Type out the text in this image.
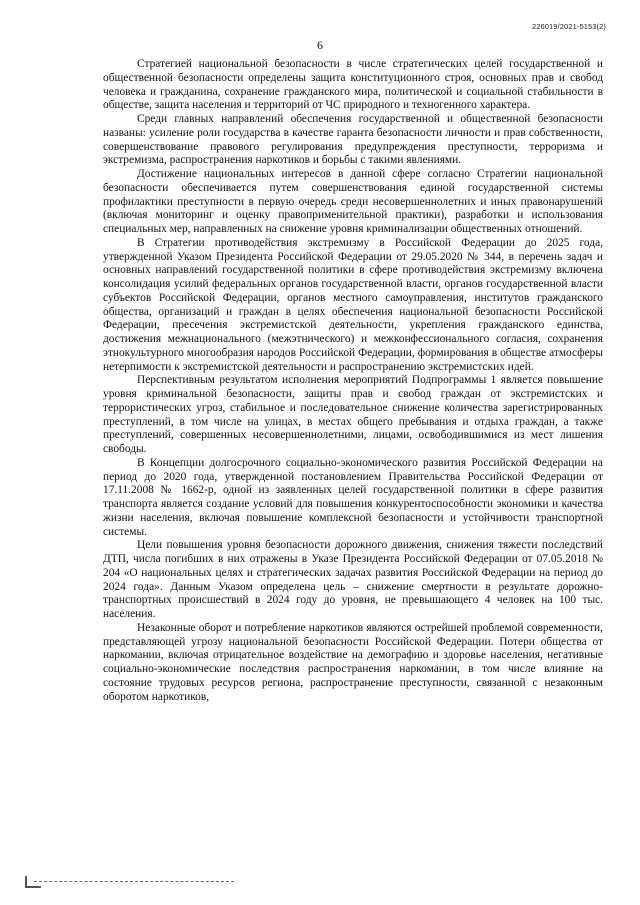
226019/2021-5153(2)
6

Стратегией национальной безопасности в числе стратегических целей государственной и общественной безопасности определены защита конституционного строя, основных прав и свобод человека и гражданина, сохранение гражданского мира, политической и социальной стабильности в обществе, защита населения и территорий от ЧС природного и техногенного характера.

Среди главных направлений обеспечения государственной и общественной безопасности названы: усиление роли государства в качестве гаранта безопасности личности и прав собственности, совершенствование правового регулирования предупреждения преступности, терроризма и экстремизма, распространения наркотиков и борьбы с такими явлениями.

Достижение национальных интересов в данной сфере согласно Стратегии национальной безопасности обеспечивается путем совершенствования единой государственной системы профилактики преступности в первую очередь среди несовершеннолетних и иных правонарушений (включая мониторинг и оценку правоприменительной практики), разработки и использования специальных мер, направленных на снижение уровня криминализации общественных отношений.

В Стратегии противодействия экстремизму в Российской Федерации до 2025 года, утвержденной Указом Президента Российской Федерации от 29.05.2020 № 344, в перечень задач и основных направлений государственной политики в сфере противодействия экстремизму включена консолидация усилий федеральных органов государственной власти, органов государственной власти субъектов Российской Федерации, органов местного самоуправления, институтов гражданского общества, организаций и граждан в целях обеспечения национальной безопасности Российской Федерации, пресечения экстремистской деятельности, укрепления гражданского единства, достижения межнационального (межэтнического) и межконфессионального согласия, сохранения этнокультурного многообразия народов Российской Федерации, формирования в обществе атмосферы нетерпимости к экстремистской деятельности и распространению экстремистских идей.

Перспективным результатом исполнения мероприятий Подпрограммы 1 является повышение уровня криминальной безопасности, защиты прав и свобод граждан от экстремистских и террористических угроз, стабильное и последовательное снижение количества зарегистрированных преступлений, в том числе на улицах, в местах общего пребывания и отдыха граждан, а также преступлений, совершенных несовершеннолетними, лицами, освободившимися из мест лишения свободы.

В Концепции долгосрочного социально-экономического развития Российской Федерации на период до 2020 года, утвержденной постановлением Правительства Российской Федерации от 17.11.2008 № 1662-р, одной из заявленных целей государственной политики в сфере развития транспорта является создание условий для повышения конкурентоспособности экономики и качества жизни населения, включая повышение комплексной безопасности и устойчивости транспортной системы.

Цели повышения уровня безопасности дорожного движения, снижения тяжести последствий ДТП, числа погибших в них отражены в Указе Президента Российской Федерации от 07.05.2018 № 204 «О национальных целях и стратегических задачах развития Российской Федерации на период до 2024 года». Данным Указом определена цель – снижение смертности в результате дорожно-транспортных происшествий в 2024 году до уровня, не превышающего 4 человек на 100 тыс. населения.

Незаконные оборот и потребление наркотиков являются острейшей проблемой современности, представляющей угрозу национальной безопасности Российской Федерации. Потери общества от наркомании, включая отрицательное воздействие на демографию и здоровье населения, негативные социально-экономические последствия распространения наркомании, в том числе влияние на состояние трудовых ресурсов региона, распространение преступности, связанной с незаконным оборотом наркотиков,
